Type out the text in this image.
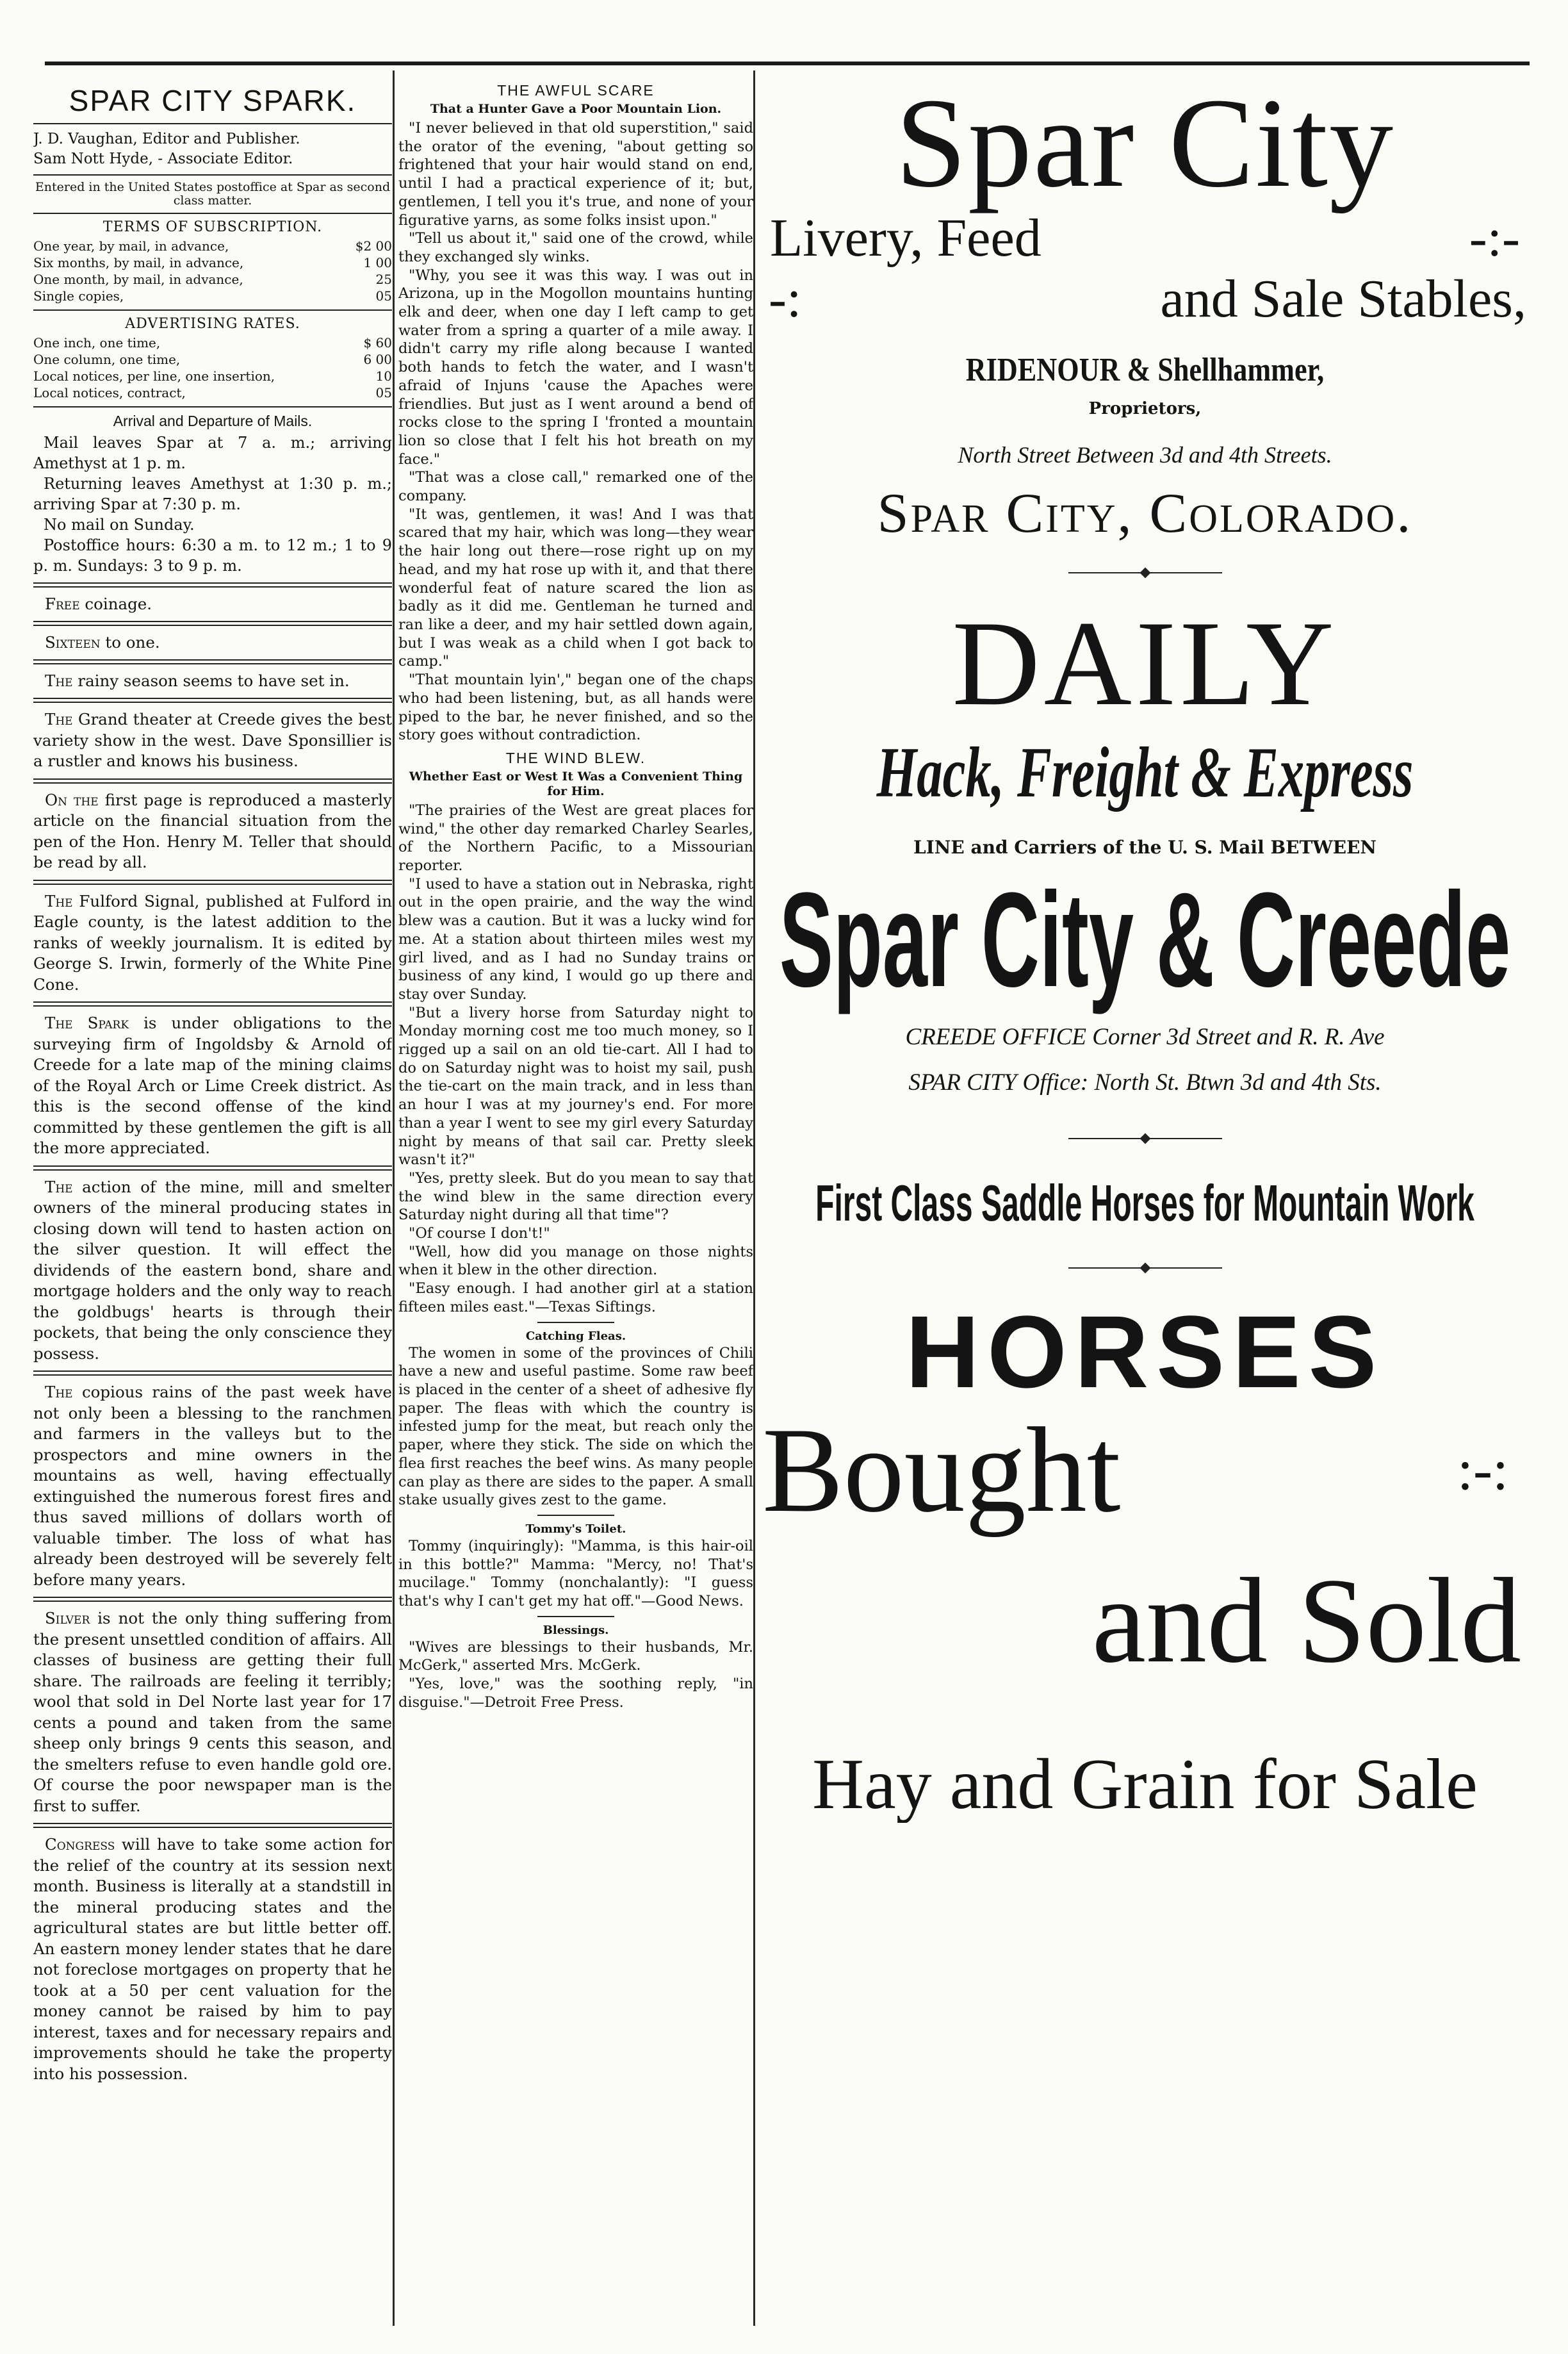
SPAR CITY SPARK.
J. D. Vaughan, Editor and Publisher.
Sam Nott Hyde, - Associate Editor.
Entered in the United States postoffice at Spar as second class matter.
TERMS OF SUBSCRIPTION.
One year, by mail, in advance,	$2 00
Six months, by mail, in advance,	1 00
One month, by mail, in advance,	25
Single copies,	05
ADVERTISING RATES.
One inch, one time,	$ 60
One column, one time,	6 00
Local notices, per line, one insertion,	10
Local notices, contract,	05
Arrival and Departure of Mails.

Mail leaves Spar at 7 a. m.; arriving Amethyst at 1 p. m.

Returning leaves Amethyst at 1:30 p. m.; arriving Spar at 7:30 p. m.

No mail on Sunday.

Postoffice hours: 6:30 a m. to 12 m.; 1 to 9 p. m. Sundays: 3 to 9 p. m.

Free coinage.

Sixteen to one.

The rainy season seems to have set in.

The Grand theater at Creede gives the best variety show in the west. Dave Sponsillier is a rustler and knows his business.

On the first page is reproduced a masterly article on the financial situation from the pen of the Hon. Henry M. Teller that should be read by all.

The Fulford Signal, published at Fulford in Eagle county, is the latest addition to the ranks of weekly journalism. It is edited by George S. Irwin, formerly of the White Pine Cone.

The Spark is under obligations to the surveying firm of Ingoldsby & Arnold of Creede for a late map of the mining claims of the Royal Arch or Lime Creek district. As this is the second offense of the kind committed by these gentlemen the gift is all the more appreciated.

The action of the mine, mill and smelter owners of the mineral producing states in closing down will tend to hasten action on the silver question. It will effect the dividends of the eastern bond, share and mortgage holders and the only way to reach the goldbugs' hearts is through their pockets, that being the only conscience they possess.

The copious rains of the past week have not only been a blessing to the ranchmen and farmers in the valleys but to the prospectors and mine owners in the mountains as well, having effectually extinguished the numerous forest fires and thus saved millions of dollars worth of valuable timber. The loss of what has already been destroyed will be severely felt before many years.

Silver is not the only thing suffering from the present unsettled condition of affairs. All classes of business are getting their full share. The railroads are feeling it terribly; wool that sold in Del Norte last year for 17 cents a pound and taken from the same sheep only brings 9 cents this season, and the smelters refuse to even handle gold ore. Of course the poor newspaper man is the first to suffer.

Congress will have to take some action for the relief of the country at its session next month. Business is literally at a standstill in the mineral producing states and the agricultural states are but little better off. An eastern money lender states that he dare not foreclose mortgages on property that he took at a 50 per cent valuation for the money cannot be raised by him to pay interest, taxes and for necessary repairs and improvements should he take the property into his possession.

THE AWFUL SCARE
That a Hunter Gave a Poor Mountain Lion.

"I never believed in that old superstition," said the orator of the evening, "about getting so frightened that your hair would stand on end, until I had a practical experience of it; but, gentlemen, I tell you it's true, and none of your figurative yarns, as some folks insist upon."

"Tell us about it," said one of the crowd, while they exchanged sly winks.

"Why, you see it was this way. I was out in Arizona, up in the Mogollon mountains hunting elk and deer, when one day I left camp to get water from a spring a quarter of a mile away. I didn't carry my rifle along because I wanted both hands to fetch the water, and I wasn't afraid of Injuns 'cause the Apaches were friendlies. But just as I went around a bend of rocks close to the spring I 'fronted a mountain lion so close that I felt his hot breath on my face."

"That was a close call," remarked one of the company.

"It was, gentlemen, it was! And I was that scared that my hair, which was long—they wear the hair long out there—rose right up on my head, and my hat rose up with it, and that there wonderful feat of nature scared the lion as badly as it did me. Gentleman he turned and ran like a deer, and my hair settled down again, but I was weak as a child when I got back to camp."

"That mountain lyin'," began one of the chaps who had been listening, but, as all hands were piped to the bar, he never finished, and so the story goes without contradiction.

THE WIND BLEW.
Whether East or West It Was a Convenient Thing for Him.

"The prairies of the West are great places for wind," the other day remarked Charley Searles, of the Northern Pacific, to a Missourian reporter.

"I used to have a station out in Nebraska, right out in the open prairie, and the way the wind blew was a caution. But it was a lucky wind for me. At a station about thirteen miles west my girl lived, and as I had no Sunday trains or business of any kind, I would go up there and stay over Sunday.

"But a livery horse from Saturday night to Monday morning cost me too much money, so I rigged up a sail on an old tie-cart. All I had to do on Saturday night was to hoist my sail, push the tie-cart on the main track, and in less than an hour I was at my journey's end. For more than a year I went to see my girl every Saturday night by means of that sail car. Pretty sleek wasn't it?"

"Yes, pretty sleek. But do you mean to say that the wind blew in the same direction every Saturday night during all that time"?

"Of course I don't!"

"Well, how did you manage on those nights when it blew in the other direction.

"Easy enough. I had another girl at a station fifteen miles east."—Texas Siftings.

Catching Fleas.

The women in some of the provinces of Chili have a new and useful pastime. Some raw beef is placed in the center of a sheet of adhesive fly paper. The fleas with which the country is infested jump for the meat, but reach only the paper, where they stick. The side on which the flea first reaches the beef wins. As many people can play as there are sides to the paper. A small stake usually gives zest to the game.

Tommy's Toilet.

Tommy (inquiringly): "Mamma, is this hair-oil in this bottle?" Mamma: "Mercy, no! That's mucilage." Tommy (nonchalantly): "I guess that's why I can't get my hat off."—Good News.

Blessings.

"Wives are blessings to their husbands, Mr. McGerk," asserted Mrs. McGerk.

"Yes, love," was the soothing reply, "in disguise."—Detroit Free Press.

Spar City
Livery, Feed	-:-
-:	and Sale Stables,
RIDENOUR & Shellhammer,
Proprietors,
North Street Between 3d and 4th Streets.
Spar City, Colorado.
DAILY
Hack, Freight & Express
LINE and Carriers of the U. S. Mail BETWEEN
Spar City & Creede
CREEDE OFFICE Corner 3d Street and R. R. Ave
SPAR CITY Office: North St. Btwn 3d and 4th Sts.
First Class Saddle Horses for Mountain Work
HORSES
Bought	:-:
and Sold
Hay and Grain for Sale
